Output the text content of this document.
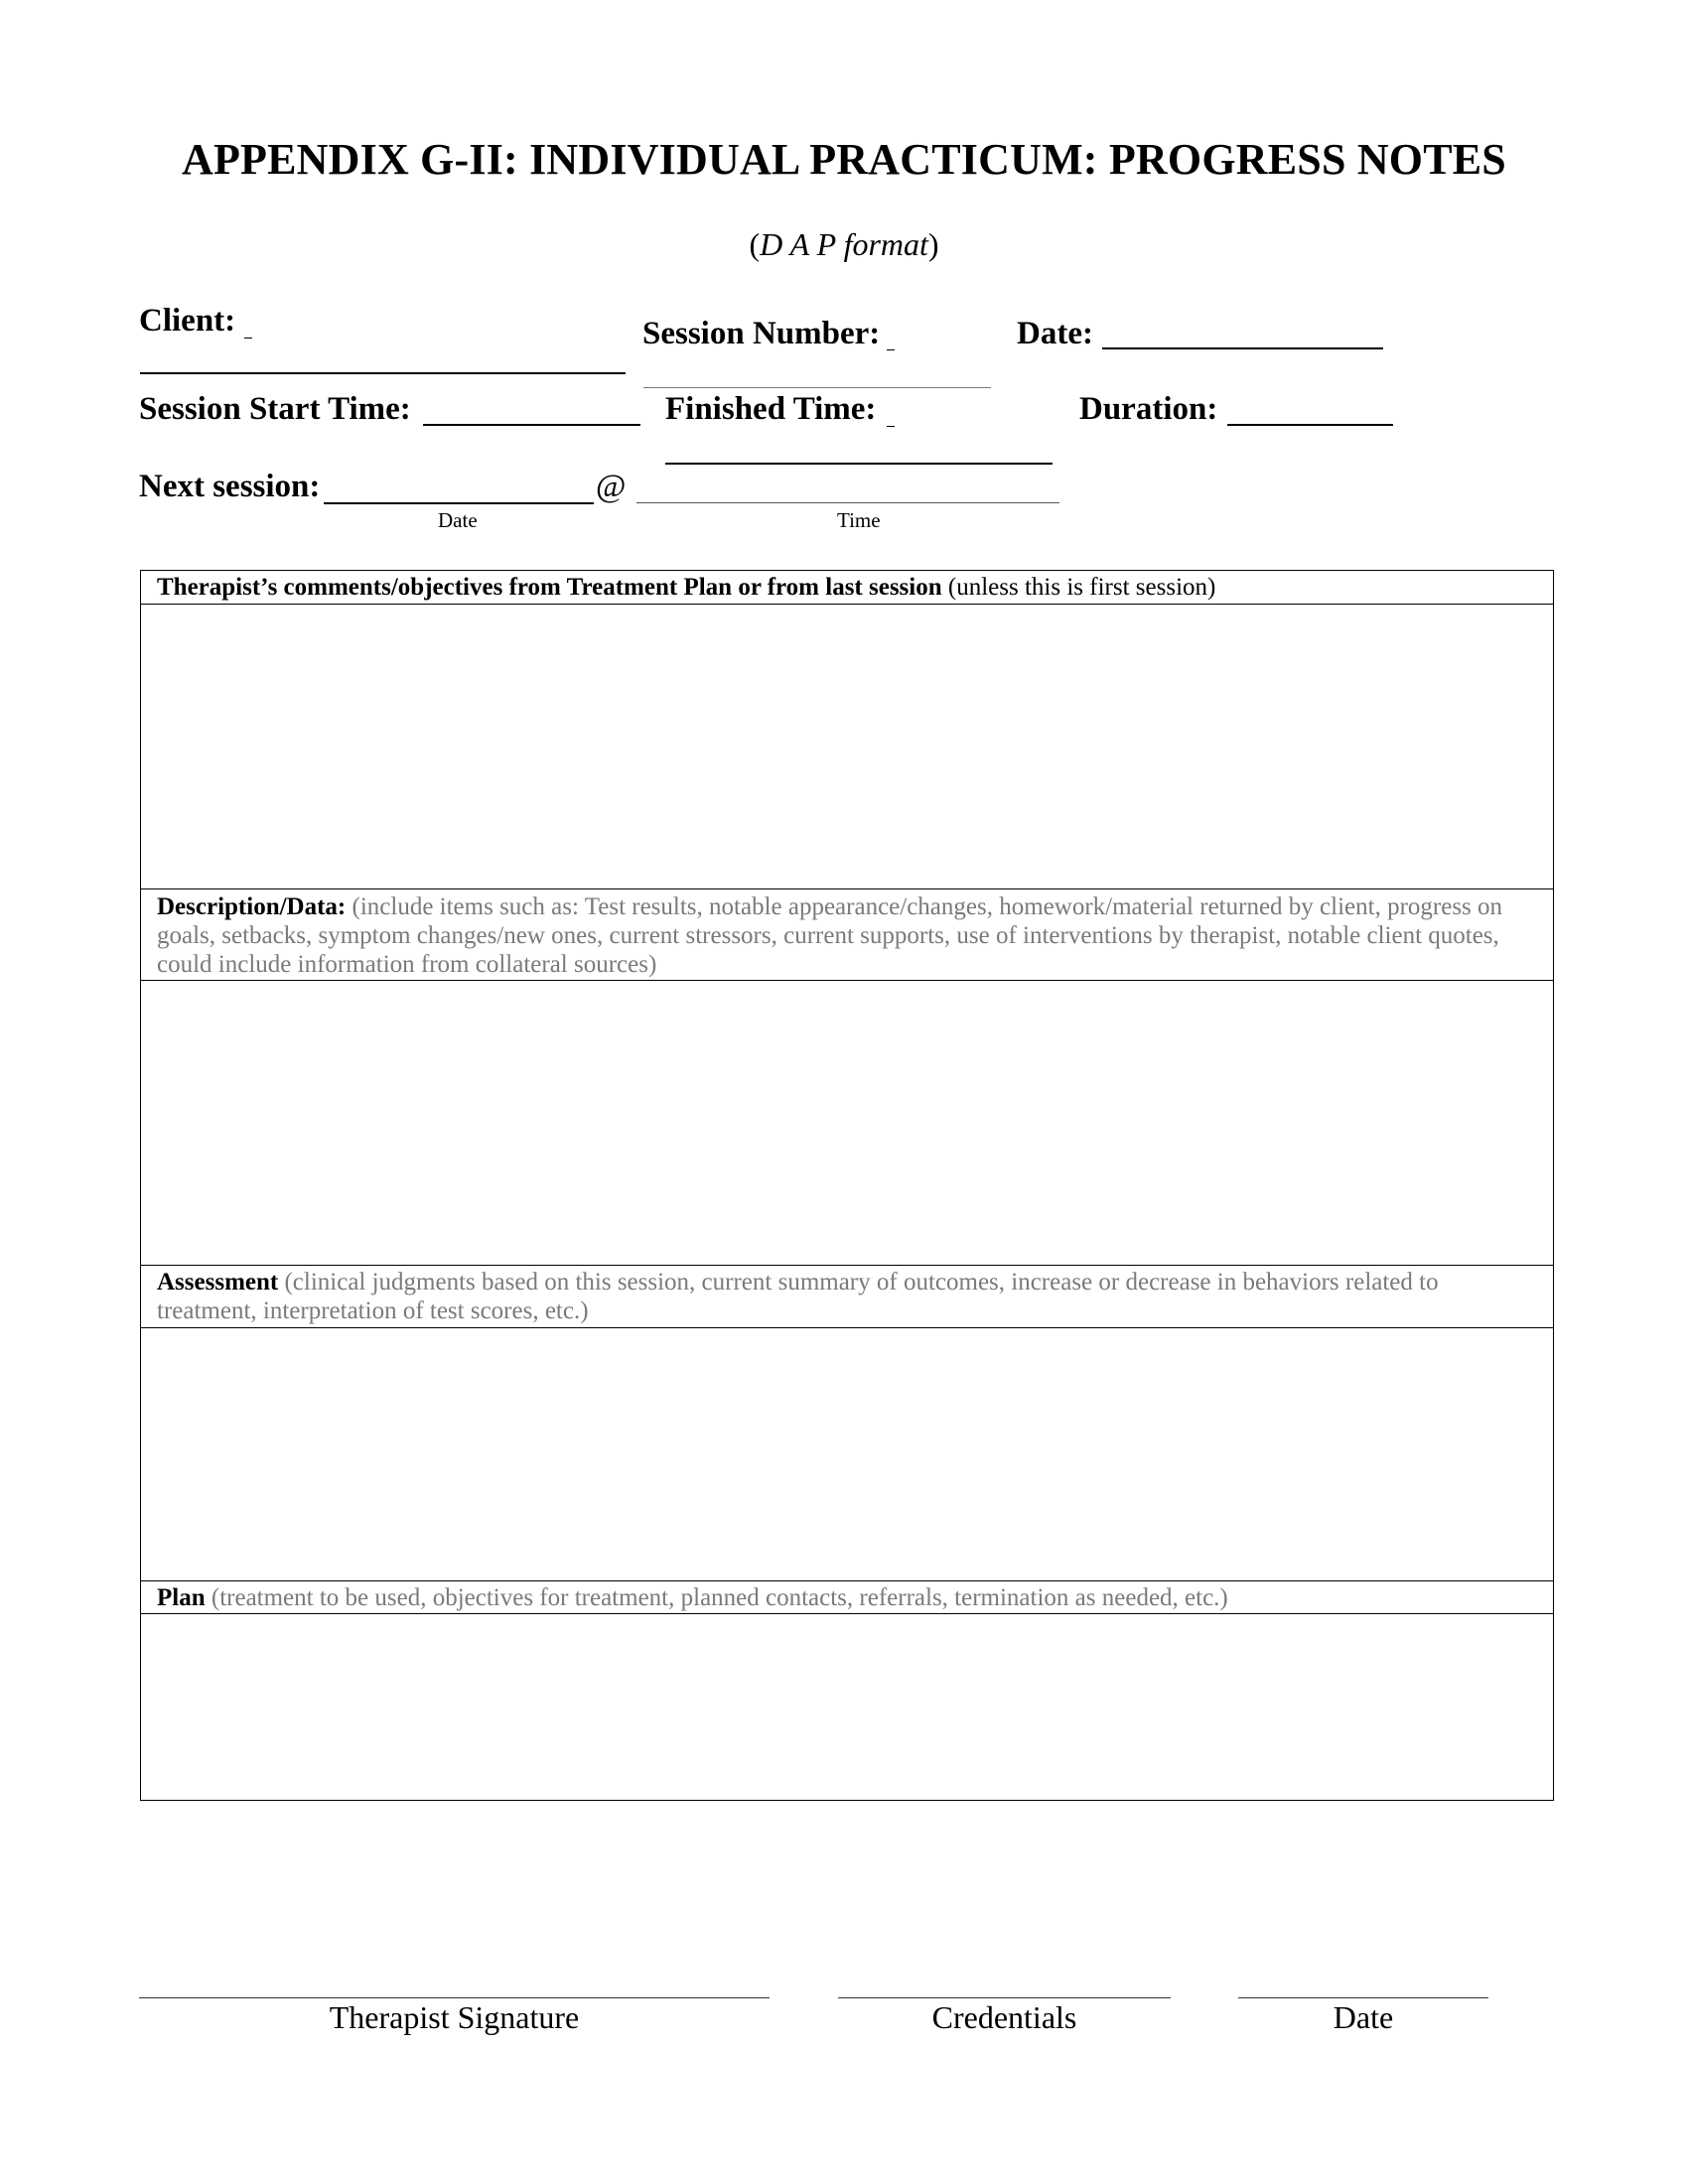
APPENDIX G-II: INDIVIDUAL PRACTICUM: PROGRESS NOTES
(D A P format)
Client:	Session Number:	Date:
Session Start Time:	Finished Time:	Duration:
Next session:	@
Date	Time
Therapist’s comments/objectives from Treatment Plan or from last session (unless this is first session)
Description/Data: (include items such as: Test results, notable appearance/changes, homework/material returned by client, progress on goals, setbacks, symptom changes/new ones, current stressors, current supports, use of interventions by therapist, notable client quotes, could include information from collateral sources)
Assessment (clinical judgments based on this session, current summary of outcomes, increase or decrease in behaviors related to treatment, interpretation of test scores, etc.)
Plan (treatment to be used, objectives for treatment, planned contacts, referrals, termination as needed, etc.)
Therapist Signature	Credentials	Date
